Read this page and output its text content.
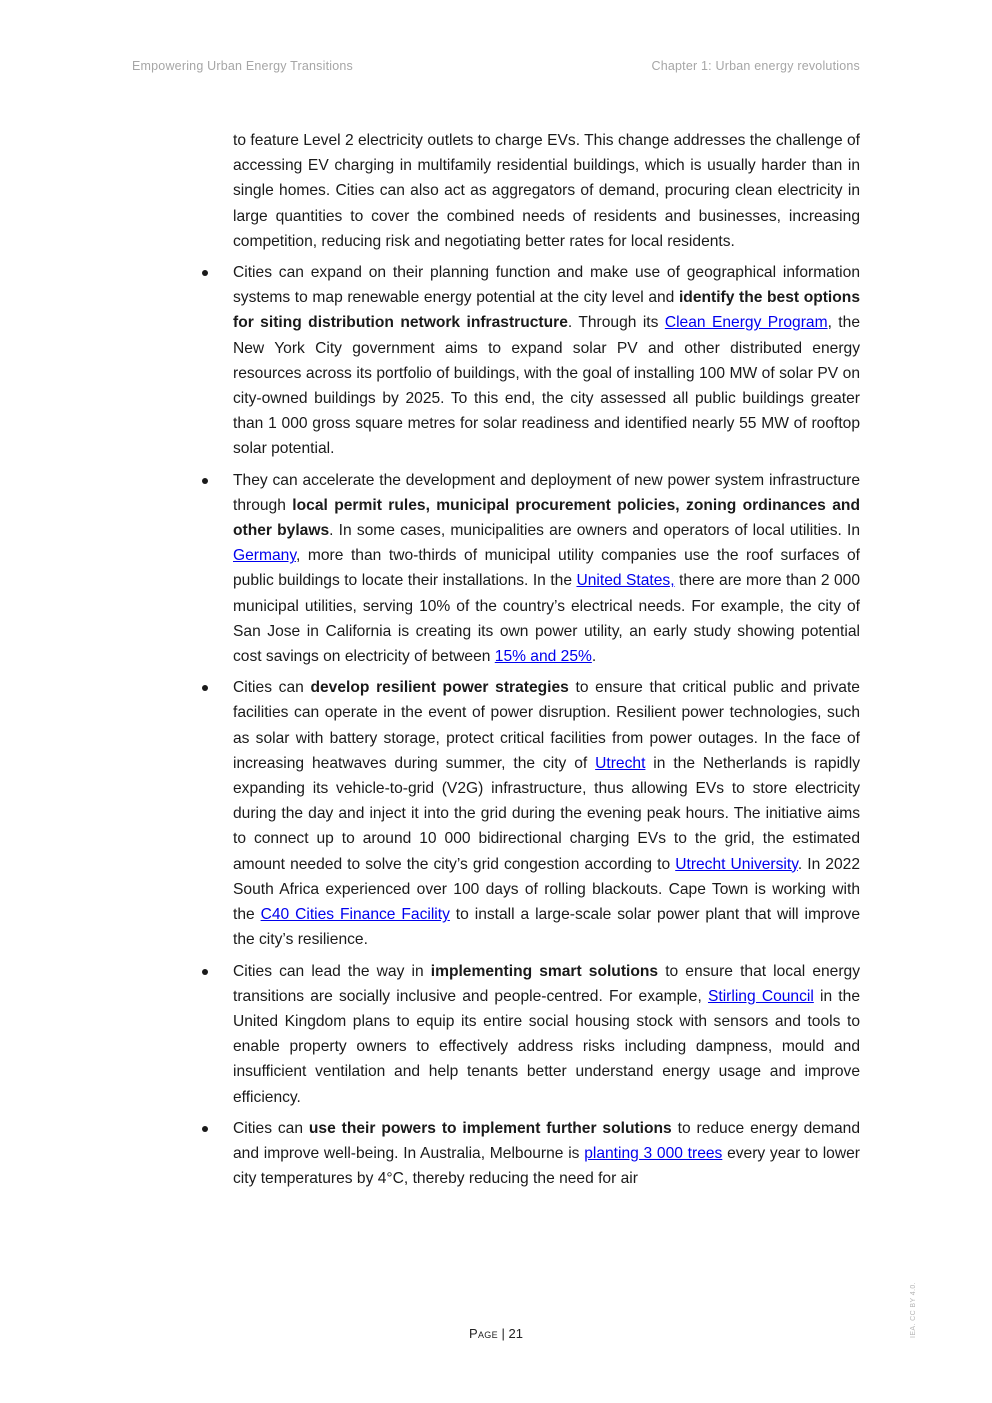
Empowering Urban Energy Transitions	Chapter 1: Urban energy revolutions

to feature Level 2 electricity outlets to charge EVs. This change addresses the challenge of accessing EV charging in multifamily residential buildings, which is usually harder than in single homes. Cities can also act as aggregators of demand, procuring clean electricity in large quantities to cover the combined needs of residents and businesses, increasing competition, reducing risk and negotiating better rates for local residents.

Cities can expand on their planning function and make use of geographical information systems to map renewable energy potential at the city level and identify the best options for siting distribution network infrastructure. Through its Clean Energy Program, the New York City government aims to expand solar PV and other distributed energy resources across its portfolio of buildings, with the goal of installing 100 MW of solar PV on city-owned buildings by 2025. To this end, the city assessed all public buildings greater than 1 000 gross square metres for solar readiness and identified nearly 55 MW of rooftop solar potential.

They can accelerate the development and deployment of new power system infrastructure through local permit rules, municipal procurement policies, zoning ordinances and other bylaws. In some cases, municipalities are owners and operators of local utilities. In Germany, more than two-thirds of municipal utility companies use the roof surfaces of public buildings to locate their installations. In the United States, there are more than 2 000 municipal utilities, serving 10% of the country’s electrical needs. For example, the city of San Jose in California is creating its own power utility, an early study showing potential cost savings on electricity of between 15% and 25%.

Cities can develop resilient power strategies to ensure that critical public and private facilities can operate in the event of power disruption. Resilient power technologies, such as solar with battery storage, protect critical facilities from power outages. In the face of increasing heatwaves during summer, the city of Utrecht in the Netherlands is rapidly expanding its vehicle-to-grid (V2G) infrastructure, thus allowing EVs to store electricity during the day and inject it into the grid during the evening peak hours. The initiative aims to connect up to around 10 000 bidirectional charging EVs to the grid, the estimated amount needed to solve the city’s grid congestion according to Utrecht University. In 2022 South Africa experienced over 100 days of rolling blackouts. Cape Town is working with the C40 Cities Finance Facility to install a large-scale solar power plant that will improve the city’s resilience.

Cities can lead the way in implementing smart solutions to ensure that local energy transitions are socially inclusive and people-centred. For example, Stirling Council in the United Kingdom plans to equip its entire social housing stock with sensors and tools to enable property owners to effectively address risks including dampness, mould and insufficient ventilation and help tenants better understand energy usage and improve efficiency.

Cities can use their powers to implement further solutions to reduce energy demand and improve well-being. In Australia, Melbourne is planting 3 000 trees every year to lower city temperatures by 4°C, thereby reducing the need for air

Page | 21	IEA. CC BY 4.0.
